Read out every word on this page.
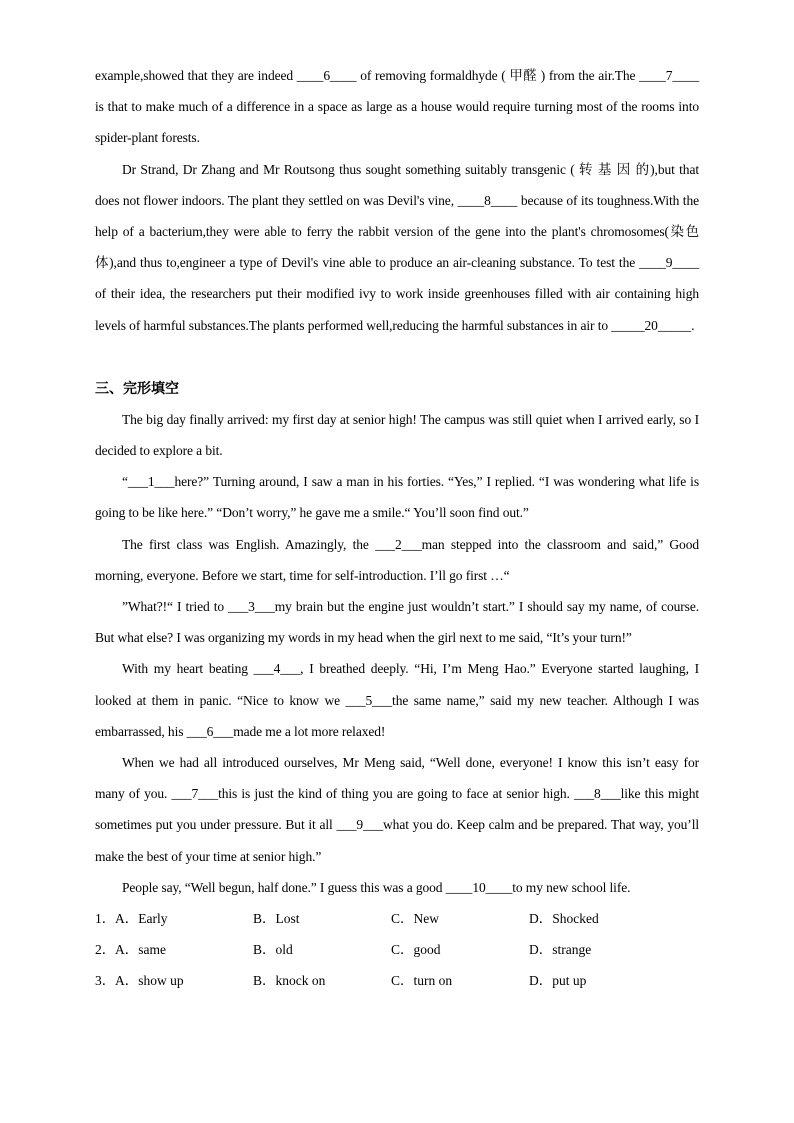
example,showed that they are indeed ____6____ of removing formaldhyde ( 甲醛 ) from the air.The ____7____ is that to make much of a difference in a space as large as a house would require turning most of the rooms into spider-plant forests.

Dr Strand, Dr Zhang and Mr Routsong thus sought something suitably transgenic ( 转 基 因 的),but that does not flower indoors. The plant they settled on was Devil's vine, ____8____ because of its toughness.With the help of a bacterium,they were able to ferry the rabbit version of the gene into the plant's chromosomes(染色　体),and thus to,engineer a type of Devil's vine able to produce an air-cleaning substance. To test the ____9____ of their idea, the researchers put their modified ivy to work inside greenhouses filled with air containing high levels of harmful substances.The plants performed well,reducing the harmful substances in air to _____20_____.

三、完形填空

The big day finally arrived: my first day at senior high! The campus was still quiet when I arrived early, so I decided to explore a bit.

“___1___here?” Turning around, I saw a man in his forties. “Yes,” I replied. “I was wondering what life is going to be like here.” “Don’t worry,” he gave me a smile.“ You’ll soon find out.”

The first class was English. Amazingly, the ___2___man stepped into the classroom and said,” Good morning, everyone. Before we start, time for self-introduction. I’ll go first …“

”What?!“ I tried to ___3___my brain but the engine just wouldn’t start.” I should say my name, of course. But what else? I was organizing my words in my head when the girl next to me said, “It’s your turn!”

With my heart beating ___4___, I breathed deeply. “Hi, I’m Meng Hao.” Everyone started laughing, I looked at them in panic. “Nice to know we ___5___the same name,” said my new teacher. Although I was embarrassed, his ___6___made me a lot more relaxed!

When we had all introduced ourselves, Mr Meng said, “Well done, everyone! I know this isn’t easy for many of you. ___7___this is just the kind of thing you are going to face at senior high. ___8___like this might sometimes put you under pressure. But it all ___9___what you do. Keep calm and be prepared. That way, you’ll make the best of your time at senior high.”

People say, “Well begun, half done.” I guess this was a good ____10____to my new school life.

1． A．Early	B．Lost	C．New	D．Shocked
2． A．same	B．old	C．good	D．strange
3． A．show up	B．knock on	C．turn on	D．put up
